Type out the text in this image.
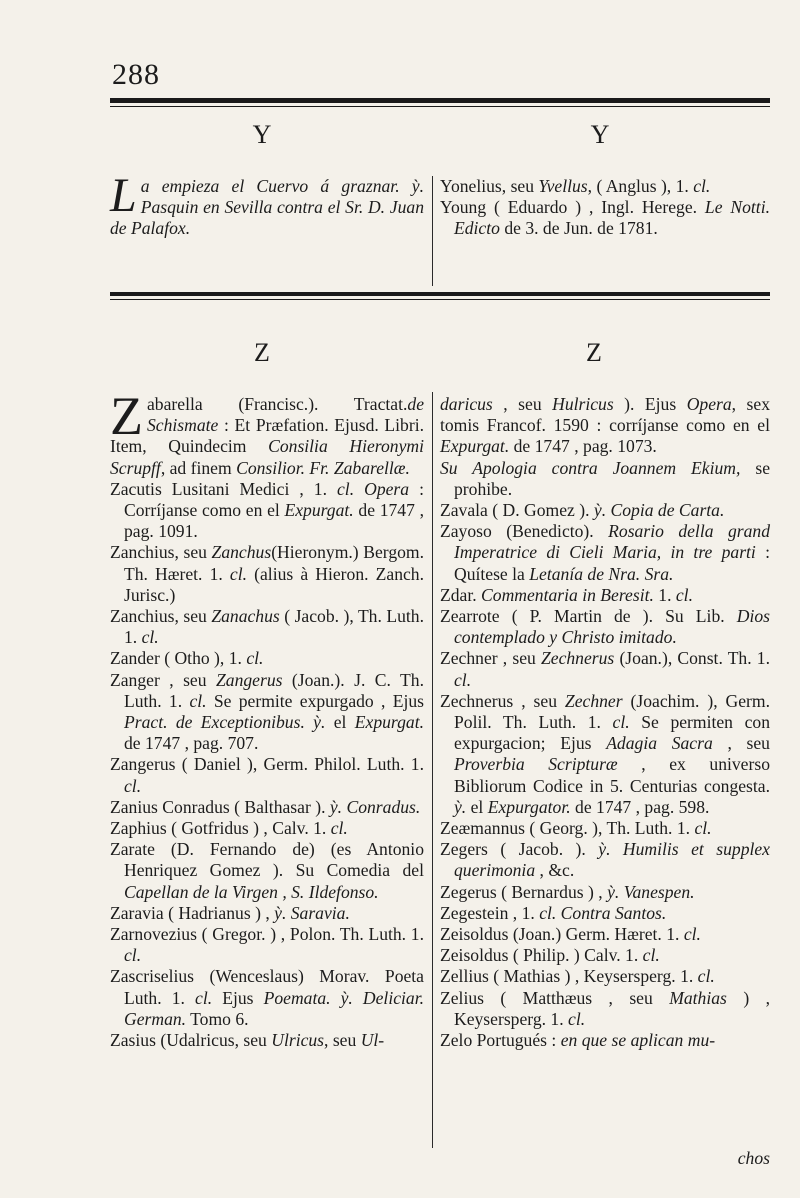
288
Y	Y

La empieza el Cuervo á graznar. ỳ. Pasquin en Sevilla contra el Sr. D. Juan de Palafox.

Yonelius, seu Yvellus, ( Anglus ), 1. cl.

Young ( Eduardo ) , Ingl. Herege. Le Notti. Edicto de 3. de Jun. de 1781.

Z	Z

Zabarella (Francisc.). Tractat.de Schismate : Et Præfation. Ejusd. Libri. Item, Quindecim Consilia Hieronymi Scrupff, ad finem Consilior. Fr. Zabarellæ.

Zacutis Lusitani Medici , 1. cl. Opera : Corríjanse como en el Expurgat. de 1747 , pag. 1091.

Zanchius, seu Zanchus(Hieronym.) Bergom. Th. Hæret. 1. cl. (alius à Hieron. Zanch. Jurisc.)

Zanchius, seu Zanachus ( Jacob. ), Th. Luth. 1. cl.

Zander ( Otho ), 1. cl.

Zanger , seu Zangerus (Joan.). J. C. Th. Luth. 1. cl. Se permite expurgado , Ejus Pract. de Exceptionibus. ỳ. el Expurgat. de 1747 , pag. 707.

Zangerus ( Daniel ), Germ. Philol. Luth. 1. cl.

Zanius Conradus ( Balthasar ). ỳ. Conradus.

Zaphius ( Gotfridus ) , Calv. 1. cl.

Zarate (D. Fernando de) (es Antonio Henriquez Gomez ). Su Comedia del Capellan de la Virgen , S. Ildefonso.

Zaravia ( Hadrianus ) , ỳ. Saravia.

Zarnovezius ( Gregor. ) , Polon. Th. Luth. 1. cl.

Zascriselius (Wenceslaus) Morav. Poeta Luth. 1. cl. Ejus Poemata. ỳ. Deliciar. German. Tomo 6.

Zasius (Udalricus, seu Ulricus, seu Ul-

daricus , seu Hulricus ). Ejus Opera, sex tomis Francof. 1590 : corríjanse como en el Expurgat. de 1747 , pag. 1073.

Su Apologia contra Joannem Ekium, se prohibe.

Zavala ( D. Gomez ). ỳ. Copia de Carta.

Zayoso (Benedicto). Rosario della grand Imperatrice di Cieli Maria, in tre parti : Quítese la Letanía de Nra. Sra.

Zdar. Commentaria in Beresit. 1. cl.

Zearrote ( P. Martin de ). Su Lib. Dios contemplado y Christo imitado.

Zechner , seu Zechnerus (Joan.), Const. Th. 1. cl.

Zechnerus , seu Zechner (Joachim. ), Germ. Polil. Th. Luth. 1. cl. Se permiten con expurgacion; Ejus Adagia Sacra , seu Proverbia Scripturæ , ex universo Bibliorum Codice in 5. Centurias congesta. ỳ. el Expurgator. de 1747 , pag. 598.

Zeæmannus ( Georg. ), Th. Luth. 1. cl.

Zegers ( Jacob. ). ỳ. Humilis et supplex querimonia , &c.

Zegerus ( Bernardus ) , ỳ. Vanespen.

Zegestein , 1. cl. Contra Santos.

Zeisoldus (Joan.) Germ. Hæret. 1. cl.

Zeisoldus ( Philip. ) Calv. 1. cl.

Zellius ( Mathias ) , Keysersperg. 1. cl.

Zelius ( Matthæus , seu Mathias ) , Keysersperg. 1. cl.

Zelo Portugués : en que se aplican mu-

chos
